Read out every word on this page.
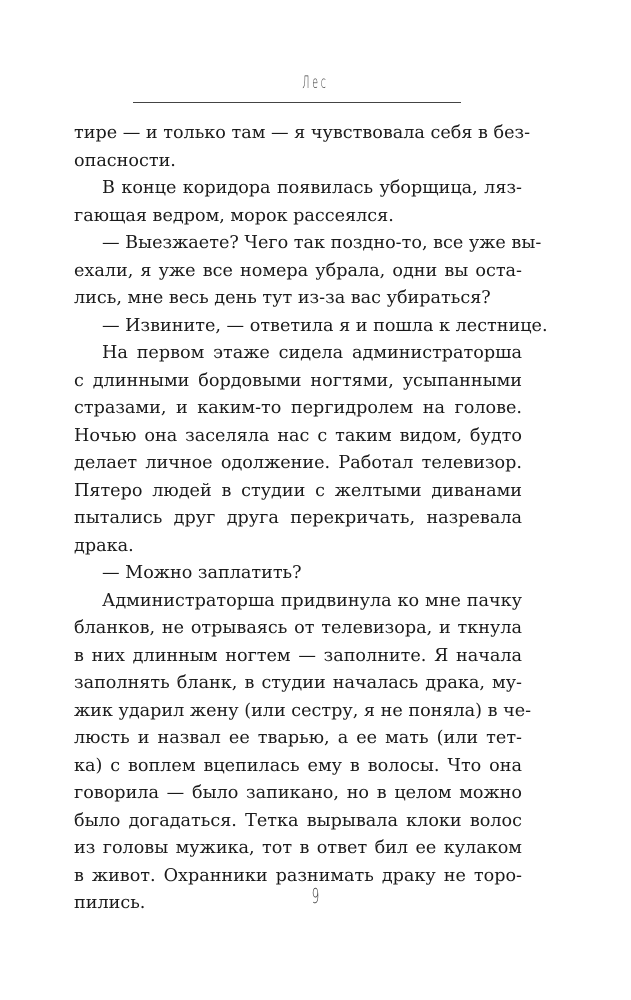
Лес
тире — и только там — я чувствовала себя в без-
опасности.
В конце коридора появилась уборщица, ляз-
гающая ведром, морок рассеялся.
— Выезжаете? Чего так поздно-то, все уже вы-
ехали, я уже все номера убрала, одни вы оста-
лись, мне весь день тут из-за вас убираться?
— Извините, — ответила я и пошла к лестнице.
На первом этаже сидела администраторша
с длинными бордовыми ногтями, усыпанными
стразами, и каким-то пергидролем на голове.
Ночью она заселяла нас с таким видом, будто
делает личное одолжение. Работал телевизор.
Пятеро людей в студии с желтыми диванами
пытались друг друга перекричать, назревала
драка.
— Можно заплатить?
Администраторша придвинула ко мне пачку
бланков, не отрываясь от телевизора, и ткнула
в них длинным ногтем — заполните. Я начала
заполнять бланк, в студии началась драка, му-
жик ударил жену (или сестру, я не поняла) в че-
люсть и назвал ее тварью, а ее мать (или тет-
ка) с воплем вцепилась ему в волосы. Что она
говорила — было запикано, но в целом можно
было догадаться. Тетка вырывала клоки волос
из головы мужика, тот в ответ бил ее кулаком
в живот. Охранники разнимать драку не торо-
пились.	9
